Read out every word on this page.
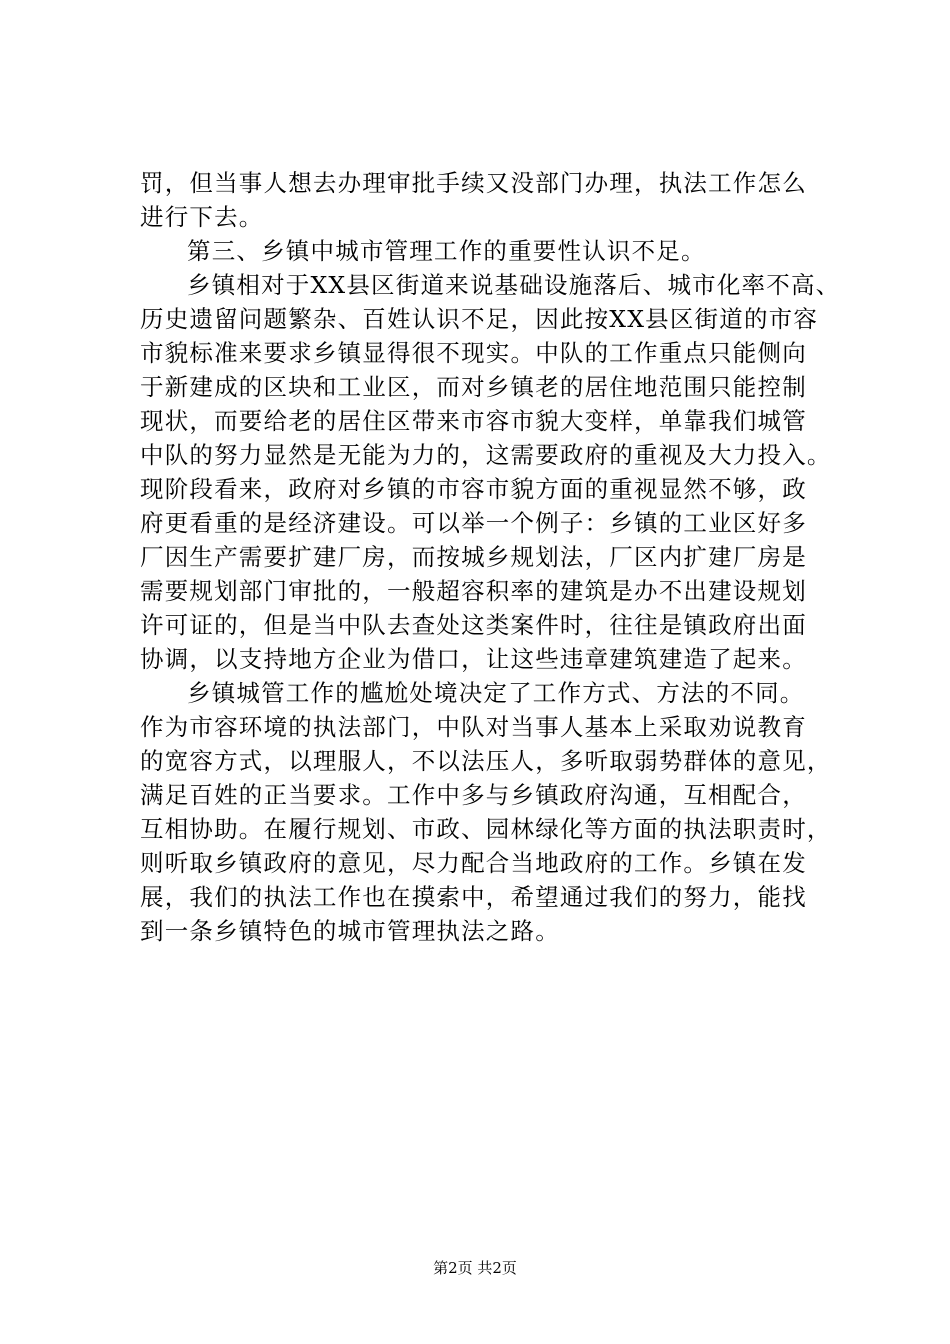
罚，但当事人想去办理审批手续又没部门办理，执法工作怎么
进行下去。
第三、乡镇中城市管理工作的重要性认识不足。
乡镇相对于XX县区街道来说基础设施落后、城市化率不高、
历史遗留问题繁杂、百姓认识不足，因此按XX县区街道的市容
市貌标准来要求乡镇显得很不现实。中队的工作重点只能侧向
于新建成的区块和工业区，而对乡镇老的居住地范围只能控制
现状，而要给老的居住区带来市容市貌大变样，单靠我们城管
中队的努力显然是无能为力的，这需要政府的重视及大力投入。
现阶段看来，政府对乡镇的市容市貌方面的重视显然不够，政
府更看重的是经济建设。可以举一个例子：乡镇的工业区好多
厂因生产需要扩建厂房，而按城乡规划法，厂区内扩建厂房是
需要规划部门审批的，一般超容积率的建筑是办不出建设规划
许可证的，但是当中队去查处这类案件时，往往是镇政府出面
协调，以支持地方企业为借口，让这些违章建筑建造了起来。
乡镇城管工作的尴尬处境决定了工作方式、方法的不同。
作为市容环境的执法部门，中队对当事人基本上采取劝说教育
的宽容方式，以理服人，不以法压人，多听取弱势群体的意见，
满足百姓的正当要求。工作中多与乡镇政府沟通，互相配合，
互相协助。在履行规划、市政、园林绿化等方面的执法职责时，
则听取乡镇政府的意见，尽力配合当地政府的工作。乡镇在发
展，我们的执法工作也在摸索中，希望通过我们的努力，能找
到一条乡镇特色的城市管理执法之路。
第2页 共2页
